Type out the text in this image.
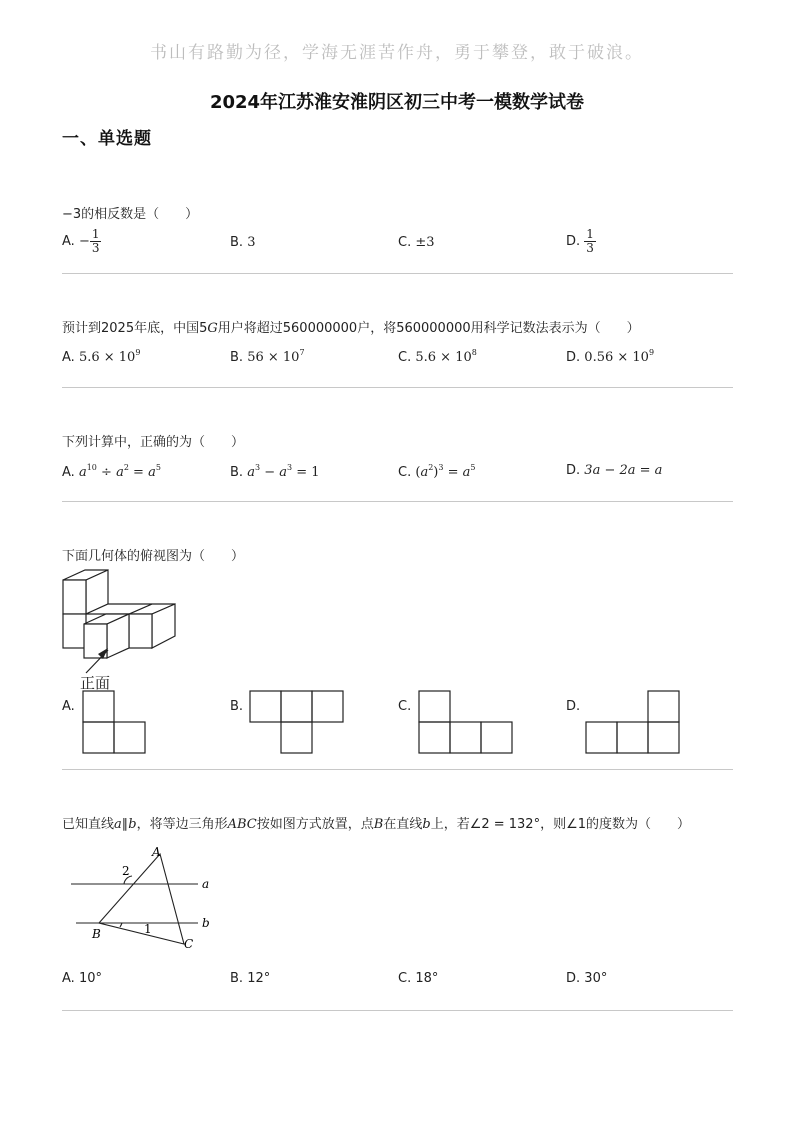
书山有路勤为径，学海无涯苦作舟，勇于攀登，敢于破浪。
2024年江苏淮安淮阴区初三中考一模数学试卷
一、单选题
−3的相反数是（　　）
A. − $\frac{1}{3}$	B. 3	C. ±3	D. $\frac{1}{3}$
预计到2025年底，中国5G用户将超过560000000户，将560000000用科学记数法表示为（　　）
A. $5.6 \times 10^9$	B. $56 \times 10^7$	C. $5.6 \times 10^8$	D. $0.56 \times 10^9$
下列计算中，正确的为（　　）
A. $a^{10} \div a^2 = a^5$	B. $a^3 - a^3 = 1$	C. $(a^2)^3 = a^5$	D. 3a − 2a = a
下面几何体的俯视图为（　　）
正面
A.	B.	C.	D.
已知直线a∥b，将等边三角形ABC按如图方式放置，点B在直线b上，若∠2 = 132°，则∠1的度数为（　　）
A
B
C
a
b
1
2
A. 10°	B. 12°	C. 18°	D. 30°
